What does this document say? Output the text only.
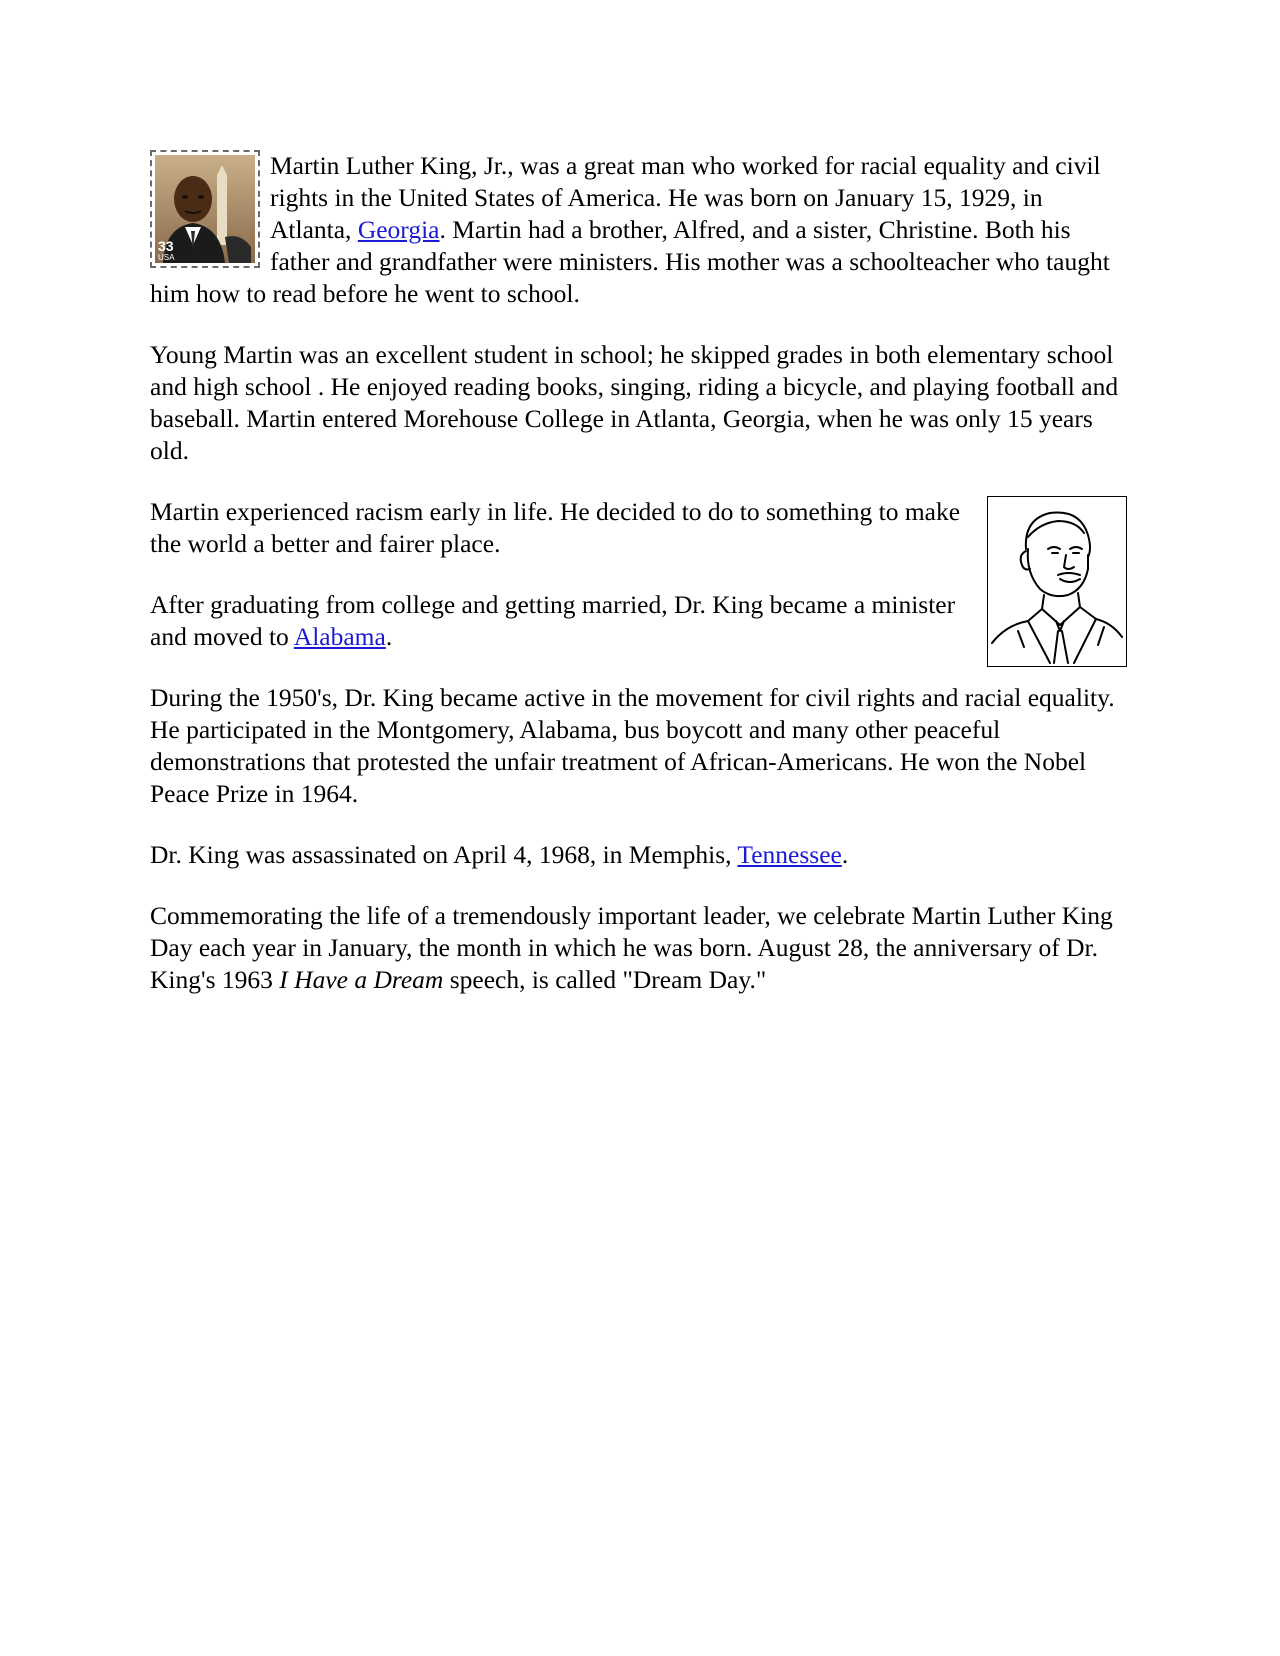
33
USA
Martin Luther King, Jr., was a great man who worked for racial equality and civil rights in the United States of America. He was born on January 15, 1929, in Atlanta, Georgia. Martin had a brother, Alfred, and a sister, Christine. Both his father and grandfather were ministers. His mother was a schoolteacher who taught him how to read before he went to school.

Young Martin was an excellent student in school; he skipped grades in both elementary school and high school . He enjoyed reading books, singing, riding a bicycle, and playing football and baseball. Martin entered Morehouse College in Atlanta, Georgia, when he was only 15 years old.

Martin experienced racism early in life. He decided to do to something to make the world a better and fairer place.

After graduating from college and getting married, Dr. King became a minister and moved to Alabama.

During the 1950's, Dr. King became active in the movement for civil rights and racial equality. He participated in the Montgomery, Alabama, bus boycott and many other peaceful demonstrations that protested the unfair treatment of African-Americans. He won the Nobel Peace Prize in 1964.

Dr. King was assassinated on April 4, 1968, in Memphis, Tennessee.

Commemorating the life of a tremendously important leader, we celebrate Martin Luther King Day each year in January, the month in which he was born. August 28, the anniversary of Dr. King's 1963 I Have a Dream speech, is called "Dream Day."
